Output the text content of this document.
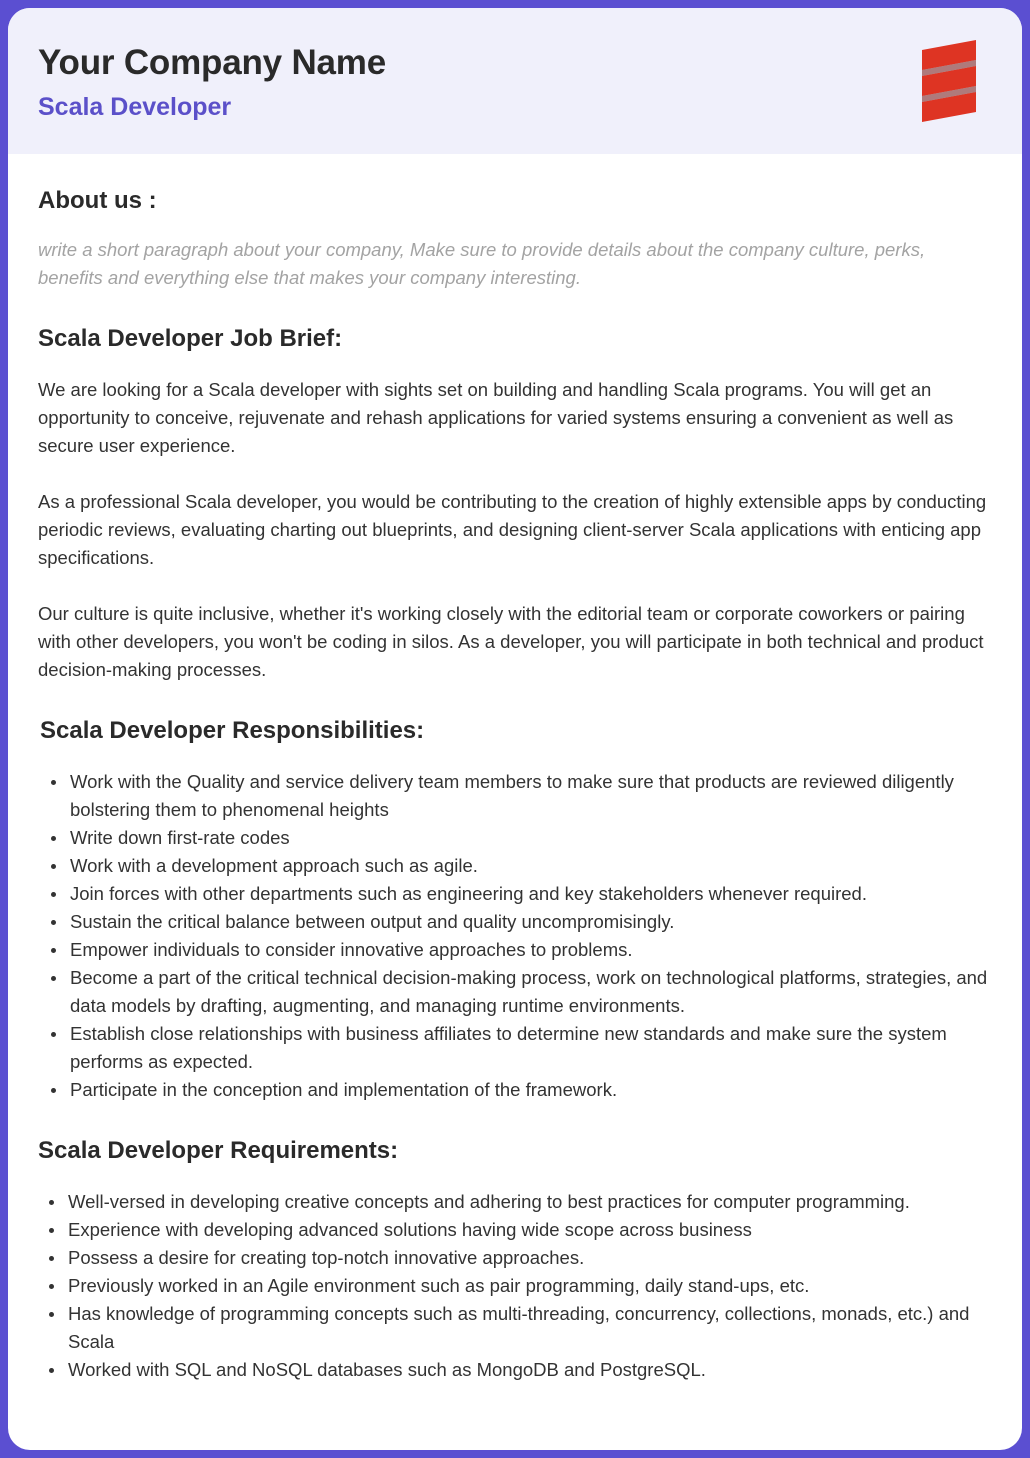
Your Company Name
Scala Developer
About us :

write a short paragraph about your company, Make sure to provide details about the company culture, perks, benefits and everything else that makes your company interesting.

Scala Developer Job Brief:

We are looking for a Scala developer with sights set on building and handling Scala programs. You will get an opportunity to conceive, rejuvenate and rehash applications for varied systems ensuring a convenient as well as secure user experience.

As a professional Scala developer, you would be contributing to the creation of highly extensible apps by conducting periodic reviews, evaluating charting out blueprints, and designing client-server Scala applications with enticing app specifications.

Our culture is quite inclusive, whether it's working closely with the editorial team or corporate coworkers or pairing with other developers, you won't be coding in silos. As a developer, you will participate in both technical and product decision-making processes.

Scala Developer Responsibilities:
Work with the Quality and service delivery team members to make sure that products are reviewed diligently bolstering them to phenomenal heights
Write down first-rate codes
Work with a development approach such as agile.
Join forces with other departments such as engineering and key stakeholders whenever required.
Sustain the critical balance between output and quality uncompromisingly.
Empower individuals to consider innovative approaches to problems.
Become a part of the critical technical decision-making process, work on technological platforms, strategies, and data models by drafting, augmenting, and managing runtime environments.
Establish close relationships with business affiliates to determine new standards and make sure the system performs as expected.
Participate in the conception and implementation of the framework.
Scala Developer Requirements:
Well-versed in developing creative concepts and adhering to best practices for computer programming.
Experience with developing advanced solutions having wide scope across business
Possess a desire for creating top-notch innovative approaches.
Previously worked in an Agile environment such as pair programming, daily stand-ups, etc.
Has knowledge of programming concepts such as multi-threading, concurrency, collections, monads, etc.) and Scala
Worked with SQL and NoSQL databases such as MongoDB and PostgreSQL.
